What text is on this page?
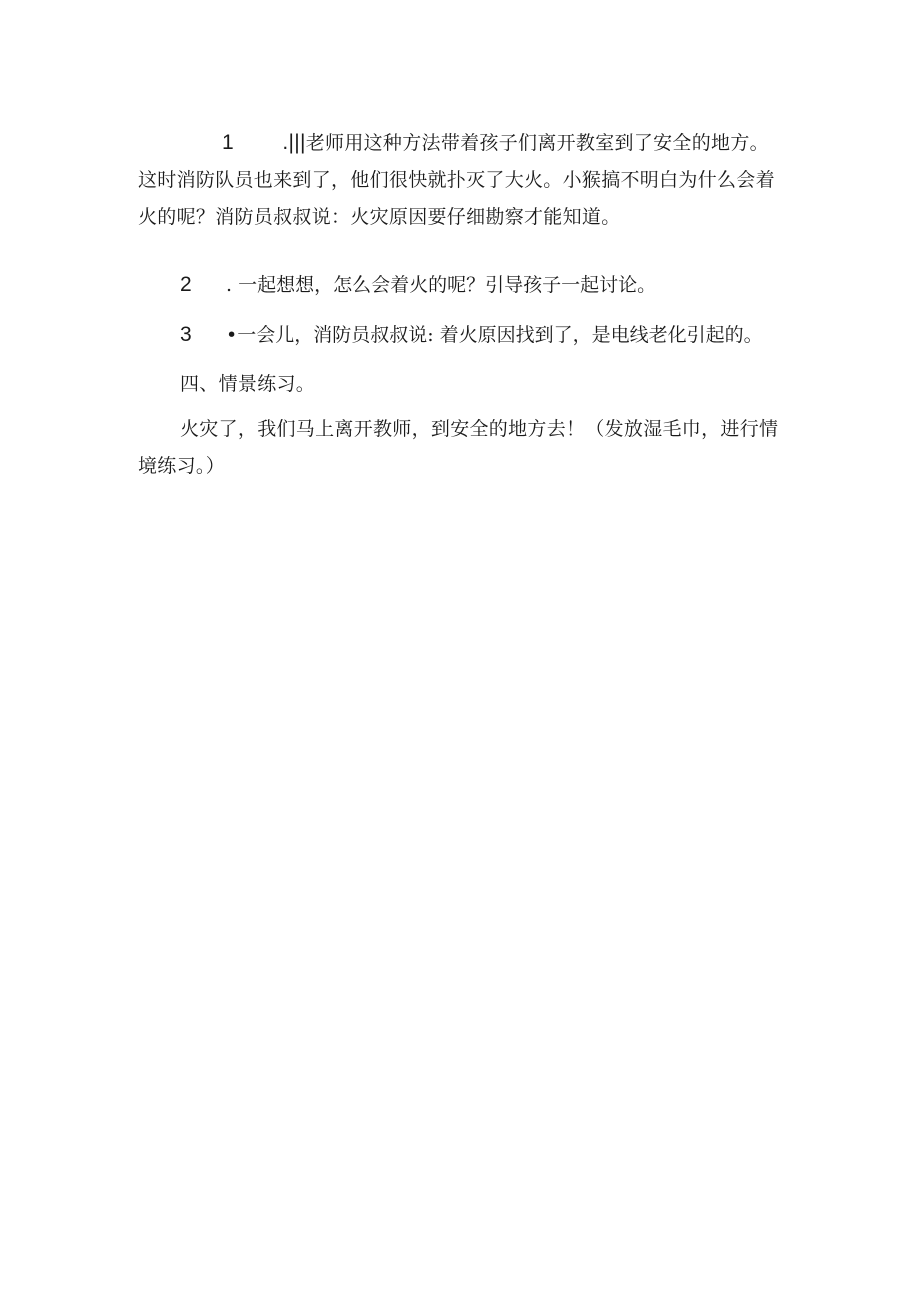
1 .|||老师用这种方法带着孩子们离开教室到了安全的地方。这时消防队员也来到了，他们很快就扑灭了大火。小猴搞不明白为什么会着火的呢？消防员叔叔说：火灾原因要仔细勘察才能知道。

2 . 一起想想，怎么会着火的呢？引导孩子一起讨论。
3 •一会儿，消防员叔叔说: 着火原因找到了，是电线老化引起的。

四、情景练习。

火灾了，我们马上离开教师，到安全的地方去！（发放湿毛巾，进行情境练习。）
